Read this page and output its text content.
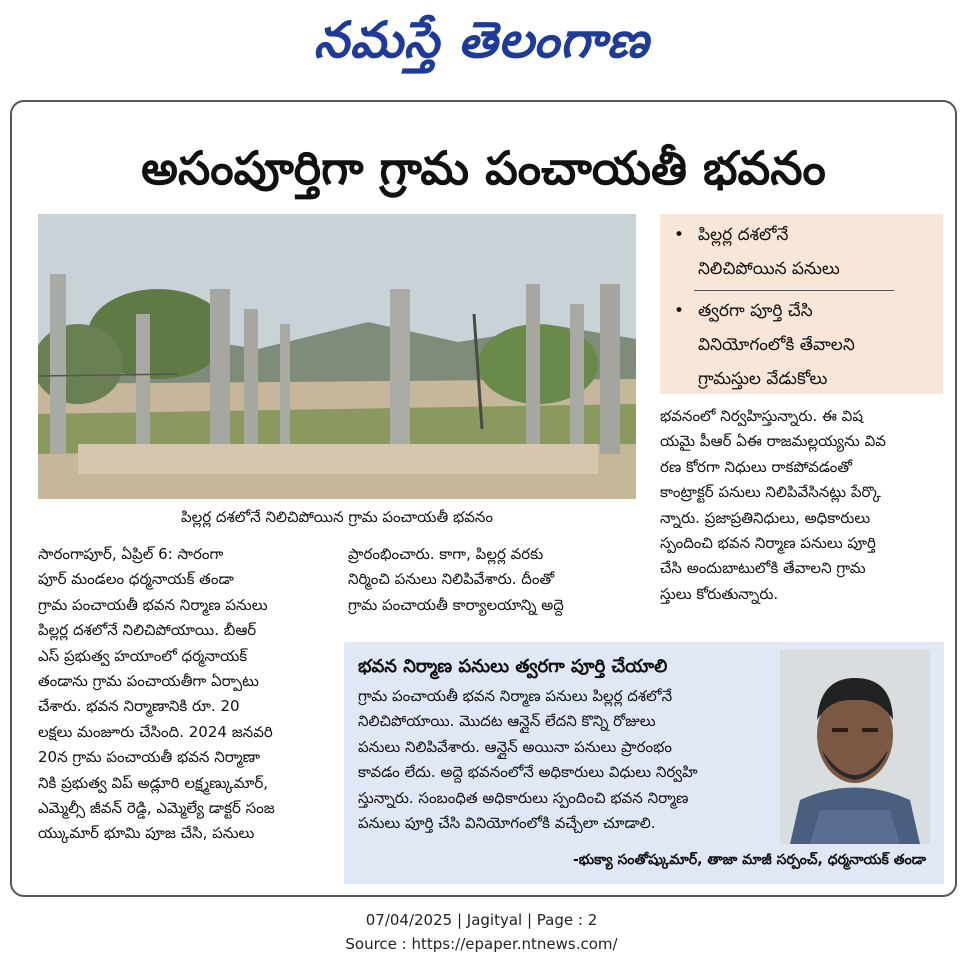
నమస్తే తెలంగాణ
అసంపూర్తిగా గ్రామ పంచాయతీ భవనం
పిల్లర్ల దశలోనే నిలిచిపోయిన గ్రామ పంచాయతీ భవనం
• పిల్లర్ల దశలోనే
నిలిచిపోయిన పనులు
• త్వరగా పూర్తి చేసి
వినియోగంలోకి తేవాలని
గ్రామస్తుల వేడుకోలు

సారంగాపూర్, ఏప్రిల్ 6: సారంగా
పూర్ మండలం ధర్మనాయక్ తండా
గ్రామ పంచాయతీ భవన నిర్మాణ పనులు
పిల్లర్ల దశలోనే నిలిచిపోయాయి. బీఆర్
ఎస్ ప్రభుత్వ హయాంలో ధర్మనాయక్
తండాను గ్రామ పంచాయతీగా ఏర్పాటు
చేశారు. భవన నిర్మాణానికి రూ. 20
లక్షలు మంజూరు చేసింది. 2024 జనవరి
20న గ్రామ పంచాయతీ భవన నిర్మాణా
నికి ప్రభుత్వ విప్ అడ్లూరి లక్ష్మణ్కుమార్,
ఎమ్మెల్సీ జీవన్ రెడ్డి, ఎమ్మెల్యే డాక్టర్ సంజ
య్కుమార్ భూమి పూజ చేసి, పనులు

ప్రారంభించారు. కాగా, పిల్లర్ల వరకు
నిర్మించి పనులు నిలిపివేశారు. దీంతో
గ్రామ పంచాయతీ కార్యాలయాన్ని అద్దె

భవనంలో నిర్వహిస్తున్నారు. ఈ విష
యమై పీఆర్ ఏఈ రాజమల్లయ్యను వివ
రణ కోరగా నిధులు రాకపోవడంతో
కాంట్రాక్టర్ పనులు నిలిపివేసినట్లు పేర్కొ
న్నారు. ప్రజాప్రతినిధులు, అధికారులు
స్పందించి భవన నిర్మాణ పనులు పూర్తి
చేసి అందుబాటులోకి తేవాలని గ్రామ
స్తులు కోరుతున్నారు.

భవన నిర్మాణ పనులు త్వరగా పూర్తి చేయాలి
గ్రామ పంచాయతీ భవన నిర్మాణ పనులు పిల్లర్ల దశలోనే
నిలిచిపోయాయి. మొదట ఆన్లైన్ లేదని కొన్ని రోజులు
పనులు నిలిపివేశారు. ఆన్లైన్ అయినా పనులు ప్రారంభం
కావడం లేదు. అద్దె భవనంలోనే అధికారులు విధులు నిర్వహి
స్తున్నారు. సంబంధిత అధికారులు స్పందించి భవన నిర్మాణ
పనులు పూర్తి చేసి వినియోగంలోకి వచ్చేలా చూడాలి.
-భుక్యా సంతోష్కుమార్, తాజా మాజీ సర్పంచ్, ధర్మనాయక్ తండా
07/04/2025 | Jagityal | Page : 2
Source : https://epaper.ntnews.com/
